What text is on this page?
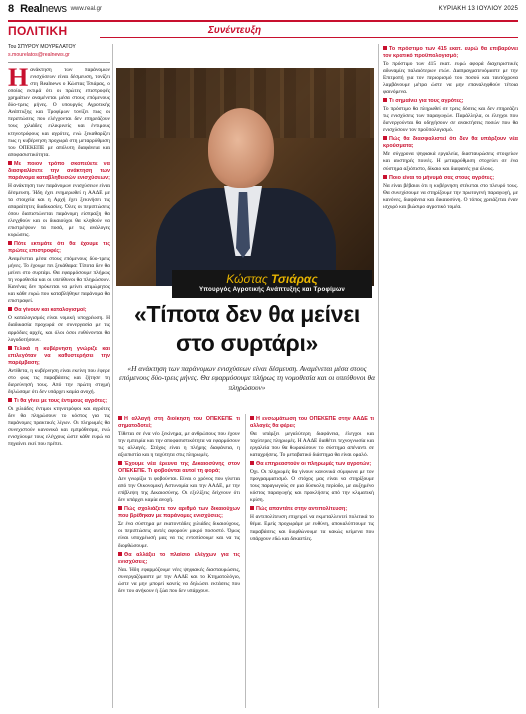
8 Realnews www.real.gr	ΚΥΡΙΑΚΗ 13 ΙΟΥΛΙΟΥ 2025
ΠΟΛΙΤΙΚΗ	Συνέντευξη
Του ΣΠΥΡΟΥ ΜΟΥΡΕΛΑΤΟΥ
s.mourelatos@realnews.gr

Η ανάκτηση των παράνομων ενισχύσεων είναι δέσμευση, τονίζει στη Realnews ο Κώστας Τσιάρας, ο οποίος εκτιμά ότι οι πρώτες επιστροφές χρημάτων αναμένεται μέσα στους επόμενους δύο-τρεις μήνες. Ο υπουργός Αγροτικής Ανάπτυξης και Τροφίμων τονίζει πως οι περιπτώσεις που ελέγχονται δεν επηρεάζουν τους χιλιάδες ειλικρινείς και έντιμους κτηνοτρόφους και αγρότες, ενώ ξεκαθαρίζει πως η κυβέρνηση προχωρά στη μεταρρύθμιση του ΟΠΕΚΕΠΕ με απόλυτη διαφάνεια και αποφασιστικότητα.

Με ποιον τρόπο σκοπεύετε να διασφαλίσετε την ανάκτηση των παράνομα καταβληθεισών ενισχύσεων;

Η ανάκτηση των παράνομων ενισχύσεων είναι δέσμευση. Ήδη έχει ενημερωθεί η ΑΑΔΕ με τα στοιχεία και η Αρχή έχει ξεκινήσει τις απαραίτητες διαδικασίες. Όλες οι περιπτώσεις όπου διαπιστώνεται παράνομη είσπραξη θα ελεγχθούν και οι δικαιούχοι θα κληθούν να επιστρέψουν τα ποσά, με τις ανάλογες κυρώσεις.

Πότε εκτιμάτε ότι θα έχουμε τις πρώτες επιστροφές;

Αναμένεται μέσα στους επόμενους δύο-τρεις μήνες. Το έχουμε πει ξεκάθαρα: Τίποτα δεν θα μείνει στο συρτάρι. Θα εφαρμόσουμε πλήρως τη νομοθεσία και οι υπεύθυνοι θα πληρώσουν. Κανένας δεν πρόκειται να μείνει ατιμώρητος και κάθε ευρώ που καταβλήθηκε παράνομα θα επιστραφεί.

Θα γίνουν και καταλογισμοί;

Ο καταλογισμός είναι νομική υποχρέωση. Η διαδικασία προχωρά σε συνεργασία με τις αρμόδιες αρχές, και όλοι όσοι ευθύνονται θα λογοδοτήσουν.

Τελικά η κυβέρνηση γνώριζε και επιλεγόταν να καθυστερήσει την παρέμβαση;

Αντίθετα, η κυβέρνηση είναι εκείνη που έφερε στο φως τις παραβάσεις και ζήτησε τη διερεύνησή τους. Από την πρώτη στιγμή δηλώσαμε ότι δεν υπάρχει καμία ανοχή.

Τι θα γίνει με τους έντιμους αγρότες;

Οι χιλιάδες έντιμοι κτηνοτρόφοι και αγρότες δεν θα πληρώσουν το κόστος για τις παράνομες πρακτικές λίγων. Οι πληρωμές θα συνεχιστούν κανονικά και εμπρόθεσμα, ενώ ενισχύουμε τους ελέγχους ώστε κάθε ευρώ να πηγαίνει εκεί που πρέπει.

Κώστας Τσιάρας
Υπουργός Αγροτικής Ανάπτυξης και Τροφίμων
«Τίποτα δεν θα μείνει στο συρτάρι»
«Η ανάκτηση των παράνομων ενισχύσεων είναι δέσμευση. Αναμένεται μέσα στους επόμενους δύο-τρεις μήνες. Θα εφαρμόσουμε πλήρως τη νομοθεσία και οι υπεύθυνοι θα πληρώσουν»
Η αλλαγή στη διοίκηση του ΟΠΕΚΕΠΕ τι σηματοδοτεί;

Τίθεται σε ένα νέο ξεκίνημα, με ανθρώπους που έχουν την εμπειρία και την αποφασιστικότητα να εφαρμόσουν τις αλλαγές. Στόχος είναι η πλήρης διαφάνεια, η αξιοπιστία και η ταχύτητα στις πληρωμές.

Έχουμε νέα έρευνα της Δικαιοσύνης στον ΟΠΕΚΕΠΕ. Τι φοβούνται αυτοί τη φορά;

Δεν γνωρίζω τι φοβούνται. Είναι ο χρόνος που γίνεται από την Οικονομική Αστυνομία και την ΑΑΔΕ, με την επίβλεψη της Δικαιοσύνης. Οι εξελίξεις δείχνουν ότι δεν υπάρχει καμία ανοχή.

Πώς σχολιάζετε τον αριθμό των δικαιούχων που βρέθηκαν με παράνομες ενισχύσεις;

Σε ένα σύστημα με εκατοντάδες χιλιάδες δικαιούχους, οι περιπτώσεις αυτές αφορούν μικρό ποσοστό. Όμως είναι υποχρέωσή μας να τις εντοπίσουμε και να τις διορθώσουμε.

Θα αλλάξει το πλαίσιο ελέγχων για τις ενισχύσεις;

Ναι. Ήδη εφαρμόζουμε νέες ψηφιακές διασταυρώσεις, συνεργαζόμαστε με την ΑΑΔΕ και το Κτηματολόγιο, ώστε να μην μπορεί κανείς να δηλώσει εκτάσεις που δεν του ανήκουν ή ζώα που δεν υπάρχουν.

Η ενσωμάτωση του ΟΠΕΚΕΠΕ στην ΑΑΔΕ τι αλλαγές θα φέρει;

Θα υπάρξει μεγαλύτερη διαφάνεια, έλεγχοι και ταχύτερες πληρωμές. Η ΑΑΔΕ διαθέτει τεχνογνωσία και εργαλεία που θα θωρακίσουν το σύστημα απέναντι σε καταχρήσεις. Το μεταβατικό διάστημα θα είναι ομαλό.

Θα επηρεαστούν οι πληρωμές των αγροτών;

Όχι. Οι πληρωμές θα γίνουν κανονικά σύμφωνα με τον προγραμματισμό. Ο στόχος μας είναι να στηρίξουμε τους παραγωγούς σε μια δύσκολη περίοδο, με αυξημένο κόστος παραγωγής και προκλήσεις από την κλιματική κρίση.

Πώς απαντάτε στην αντιπολίτευση;

Η αντιπολίτευση επιχειρεί να εκμεταλλευτεί πολιτικά το θέμα. Εμείς προχωράμε με ευθύνη, αποκαλύπτουμε τις παραβάσεις και διορθώνουμε τα κακώς κείμενα που υπάρχουν εδώ και δεκαετίες.

Το πρόστιμο των 415 εκατ. ευρώ θα επιβαρύνει τον κρατικό προϋπολογισμό;

Το πρόστιμο των 415 εκατ. ευρώ αφορά διαχειριστικές αδυναμίες παλαιότερων ετών. Διαπραγματευόμαστε με την Επιτροπή για τον περιορισμό του ποσού και ταυτόχρονα λαμβάνουμε μέτρα ώστε να μην επαναληφθούν τέτοια φαινόμενα.

Τι σημαίνει για τους αγρότες;

Το πρόστιμο θα πληρωθεί σε τρεις δόσεις και δεν επηρεάζει τις ενισχύσεις των παραγωγών. Παράλληλα, οι έλεγχοι που διενεργούνται θα οδηγήσουν σε ανακτήσεις ποσών που θα ενισχύσουν τον προϋπολογισμό.

Πώς θα διασφαλιστεί ότι δεν θα υπάρξουν νέα κρούσματα;

Με σύγχρονα ψηφιακά εργαλεία, διασταυρώσεις στοιχείων και αυστηρές ποινές. Η μεταρρύθμιση στοχεύει σε ένα σύστημα αξιόπιστο, δίκαιο και διαφανές για όλους.

Ποιο είναι το μήνυμά σας στους αγρότες;

Να είναι βέβαιοι ότι η κυβέρνηση στέκεται στο πλευρό τους. Θα συνεχίσουμε να στηρίζουμε την πρωτογενή παραγωγή, με κανόνες, διαφάνεια και δικαιοσύνη. Ο τόπος χρειάζεται έναν ισχυρό και βιώσιμο αγροτικό τομέα.
